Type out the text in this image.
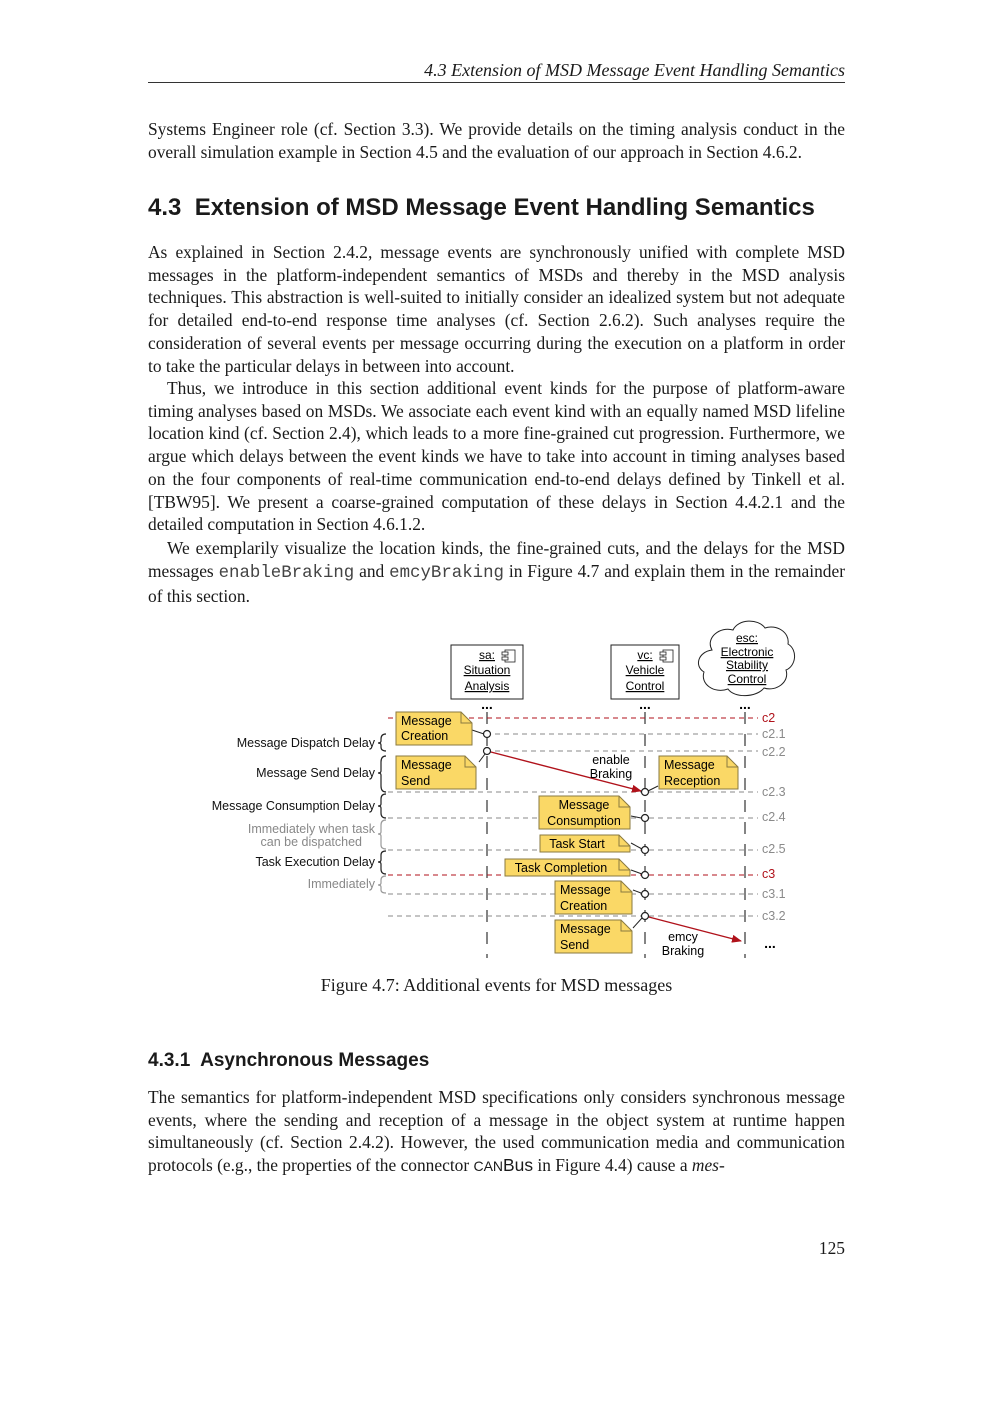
4.3 Extension of MSD Message Event Handling Semantics

Systems Engineer role (cf. Section 3.3). We provide details on the timing analysis conduct in the overall simulation example in Section 4.5 and the evaluation of our approach in Section 4.6.2.

4.3 Extension of MSD Message Event Handling Semantics

As explained in Section 2.4.2, message events are synchronously unified with complete MSD messages in the platform-independent semantics of MSDs and thereby in the MSD analysis techniques. This abstraction is well-suited to initially consider an idealized system but not adequate for detailed end-to-end response time analyses (cf. Section 2.6.2). Such analyses require the consideration of several events per message occurring during the execution on a platform in order to take the particular delays in between into account.

Thus, we introduce in this section additional event kinds for the purpose of platform-aware timing analyses based on MSDs. We associate each event kind with an equally named MSD lifeline location kind (cf. Section 2.4), which leads to a more fine-grained cut progression. Furthermore, we argue which delays between the event kinds we have to take into account in timing analyses based on the four components of real-time communication end-to-end delays defined by Tinkell et al. [TBW95]. We present a coarse-grained computation of these delays in Section 4.4.2.1 and the detailed computation in Section 4.6.1.2.

We exemplarily visualize the location kinds, the fine-grained cuts, and the delays for the MSD messages enableBraking and emcyBraking in Figure 4.7 and explain them in the remainder of this section.

sa:
Situation
Analysis
vc:
Vehicle
Control
esc:
Electronic
Stability
Control
...	...	...
c2
c2.1
c2.2
c2.3
c2.4
c2.5
c3
c3.1
c3.2
...
enable
Braking
emcy
Braking
Message
Creation
Message
Send
Message
Reception
Message
Consumption
Task Start
Task Completion
Message
Creation
Message
Send
Message Dispatch Delay
Message Send Delay
Message Consumption Delay
Immediately when task
can be dispatched
Task Execution Delay
Immediately
Figure 4.7: Additional events for MSD messages
4.3.1 Asynchronous Messages

The semantics for platform-independent MSD specifications only considers synchronous message events, where the sending and reception of a message in the object system at runtime happen simultaneously (cf. Section 2.4.2). However, the used communication media and communication protocols (e.g., the properties of the connector CANBus in Figure 4.4) cause a mes-

125
